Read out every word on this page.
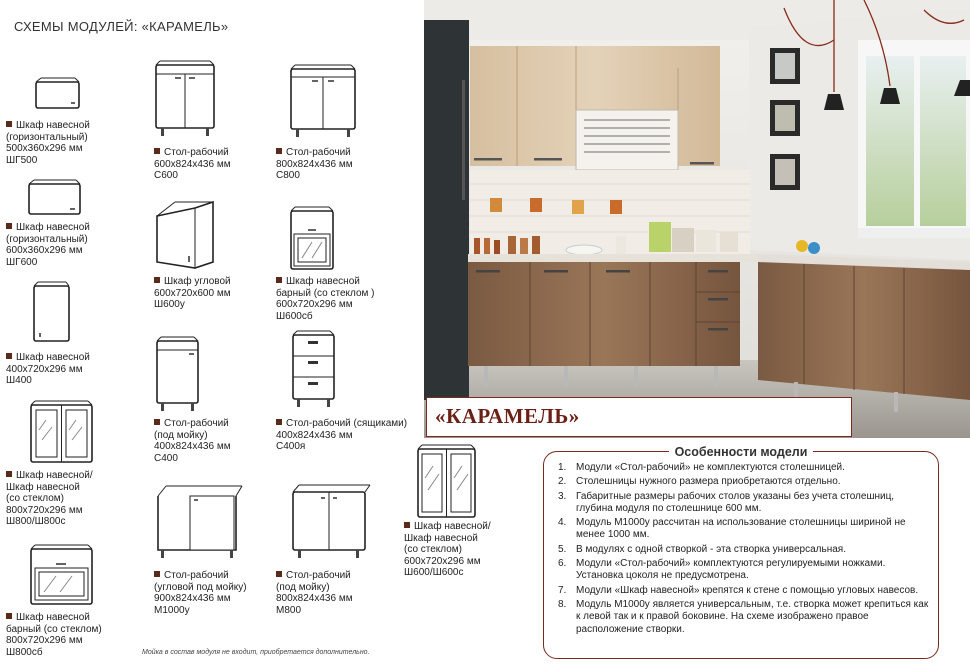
СХЕМЫ МОДУЛЕЙ: «КАРАМЕЛЬ»
Шкаф навесной
(горизонтальный)
500х360х296 мм
ШГ500
Шкаф навесной
(горизонтальный)
600х360х296 мм
ШГ600
Шкаф навесной
400х720х296 мм
Ш400
Шкаф навесной/
Шкаф навесной
(со стеклом)
800х720х296 мм
Ш800/Ш800с
Шкаф навесной
барный (со стеклом)
800х720х296 мм
Ш800сб
Стол-рабочий
600х824х436 мм
С600
Шкаф угловой
600х720х600 мм
Ш600у
Стол-рабочий
(под мойку)
400х824х436 мм
С400
Стол-рабочий
(угловой под мойку)
900х824х436 мм
М1000у
Стол-рабочий
800х824х436 мм
С800
Шкаф навесной
барный (со стеклом )
600х720х296 мм
Ш600сб
Стол-рабочий (сящиками)
400х824х436 мм
С400я
Стол-рабочий
(под мойку)
800х824х436 мм
М800
Шкаф навесной/
Шкаф навесной
(со стеклом)
600х720х296 мм
Ш600/Ш600с
Мойка в состав модуля не входит, приобретается дополнительно.
«КАРАМЕЛЬ»
Особенности модели
1. Модули «Стол-рабочий» не комплектуются столешницей.
2. Столешницы нужного размера приобретаются отдельно.
3. Габаритные размеры рабочих столов указаны без учета столешниц, глубина модуля по столешнице 600 мм.
4. Модуль М1000у рассчитан на использование столешницы шириной не менее 1000 мм.
5. В модулях с одной створкой - эта створка универсальная.
6. Модули «Стол-рабочий» комплектуются регулируемыми ножками. Установка цоколя не предусмотрена.
7. Модули «Шкаф навесной» крепятся к стене с помощью угловых навесов.
8. Модуль М1000у является универсальным, т.е. створка может крепиться как к левой так и к правой боковине. На схеме изображено правое расположение створки.
